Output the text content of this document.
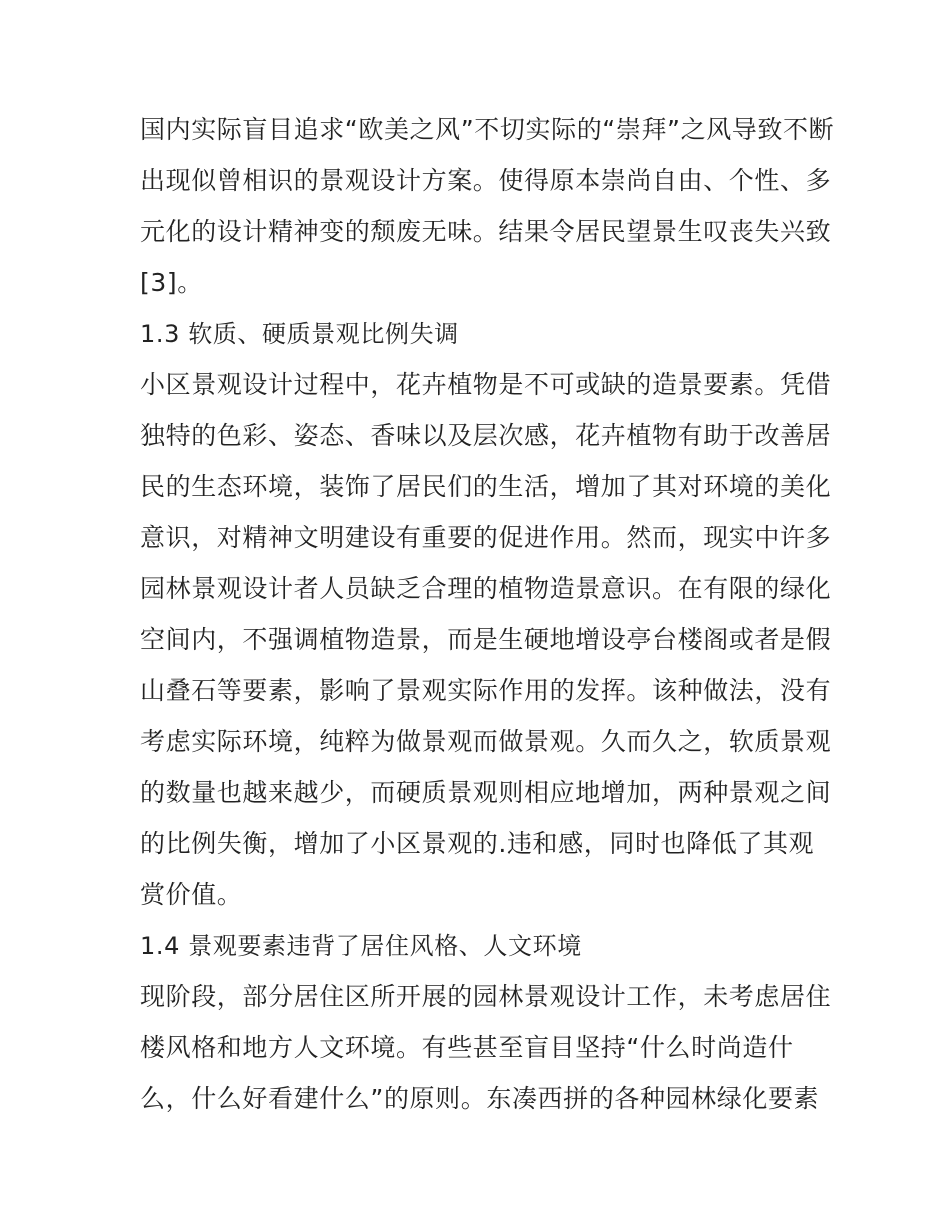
国内实际盲目追求“欧美之风”不切实际的“崇拜”之风导致不断
出现似曾相识的景观设计方案。使得原本崇尚自由、个性、多
元化的设计精神变的颓废无味。结果令居民望景生叹丧失兴致
[3]。
1.3 软质、硬质景观比例失调
小区景观设计过程中，花卉植物是不可或缺的造景要素。凭借
独特的色彩、姿态、香味以及层次感，花卉植物有助于改善居
民的生态环境，装饰了居民们的生活，增加了其对环境的美化
意识，对精神文明建设有重要的促进作用。然而，现实中许多
园林景观设计者人员缺乏合理的植物造景意识。在有限的绿化
空间内，不强调植物造景，而是生硬地增设亭台楼阁或者是假
山叠石等要素，影响了景观实际作用的发挥。该种做法，没有
考虑实际环境，纯粹为做景观而做景观。久而久之，软质景观
的数量也越来越少，而硬质景观则相应地增加，两种景观之间
的比例失衡，增加了小区景观的.违和感，同时也降低了其观
赏价值。
1.4 景观要素违背了居住风格、人文环境
现阶段，部分居住区所开展的园林景观设计工作，未考虑居住
楼风格和地方人文环境。有些甚至盲目坚持“什么时尚造什
么，什么好看建什么”的原则。东凑西拼的各种园林绿化要素
